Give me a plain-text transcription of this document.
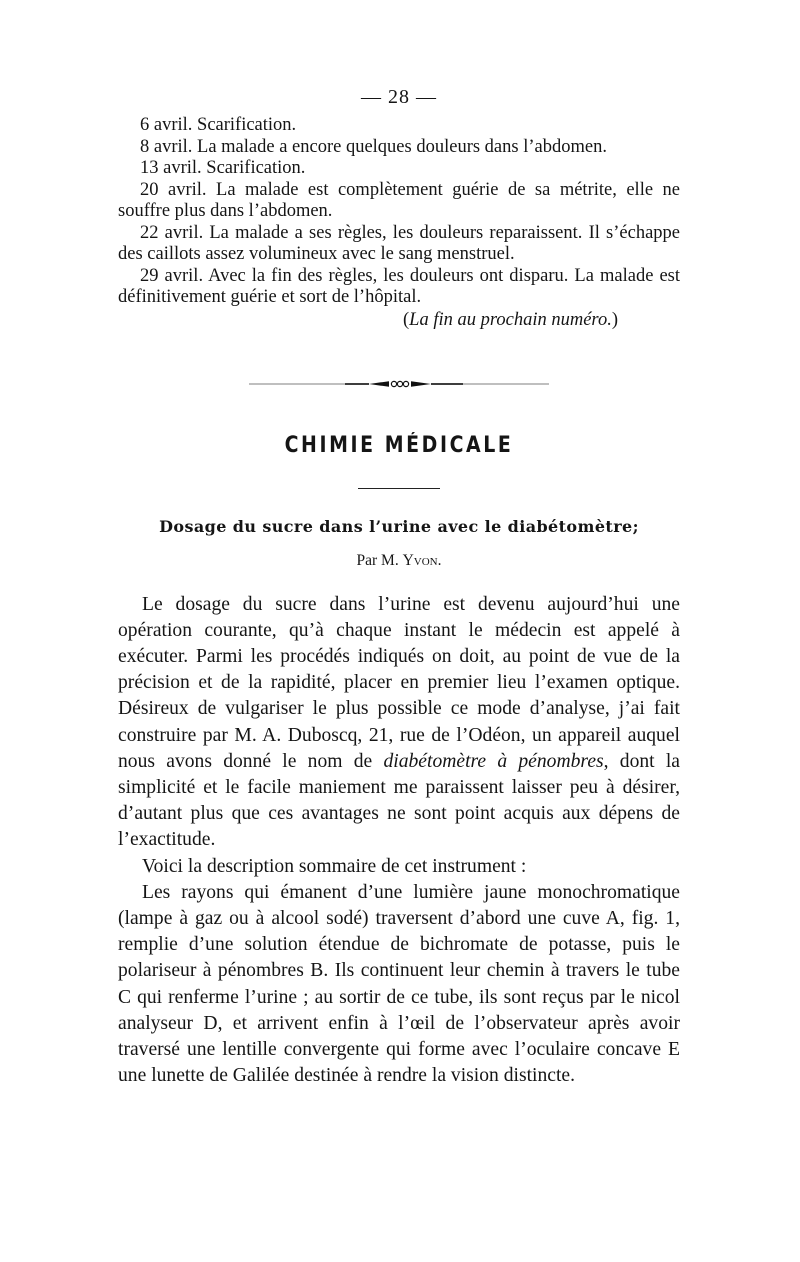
— 28 —

6 avril. Scarification.

8 avril. La malade a encore quelques douleurs dans l’abdomen.

13 avril. Scarification.

20 avril. La malade est complètement guérie de sa métrite, elle ne souffre plus dans l’abdomen.

22 avril. La malade a ses règles, les douleurs reparaissent. Il s’échappe des caillots assez volumineux avec le sang menstruel.

29 avril. Avec la fin des règles, les douleurs ont disparu. La malade est définitivement guérie et sort de l’hôpital.

(La fin au prochain numéro.)

CHIMIE MÉDICALE
Dosage du sucre dans l’urine avec le diabétomètre;
Par M. Yvon.

Le dosage du sucre dans l’urine est devenu aujourd’hui une opération courante, qu’à chaque instant le médecin est appelé à exécuter. Parmi les procédés indiqués on doit, au point de vue de la précision et de la rapidité, placer en premier lieu l’examen optique. Désireux de vulgariser le plus possible ce mode d’analyse, j’ai fait construire par M. A. Duboscq, 21, rue de l’Odéon, un appareil auquel nous avons donné le nom de diabétomètre à pénombres, dont la simplicité et le facile maniement me paraissent laisser peu à désirer, d’autant plus que ces avantages ne sont point acquis aux dépens de l’exactitude.

Voici la description sommaire de cet instrument :

Les rayons qui émanent d’une lumière jaune monochromatique (lampe à gaz ou à alcool sodé) traversent d’abord une cuve A, fig. 1, remplie d’une solution étendue de bichromate de potasse, puis le polariseur à pénombres B. Ils continuent leur chemin à travers le tube C qui renferme l’urine ; au sortir de ce tube, ils sont reçus par le nicol analyseur D, et arrivent enfin à l’œil de l’observateur après avoir traversé une lentille convergente qui forme avec l’oculaire concave E une lunette de Galilée destinée à rendre la vision distincte.
